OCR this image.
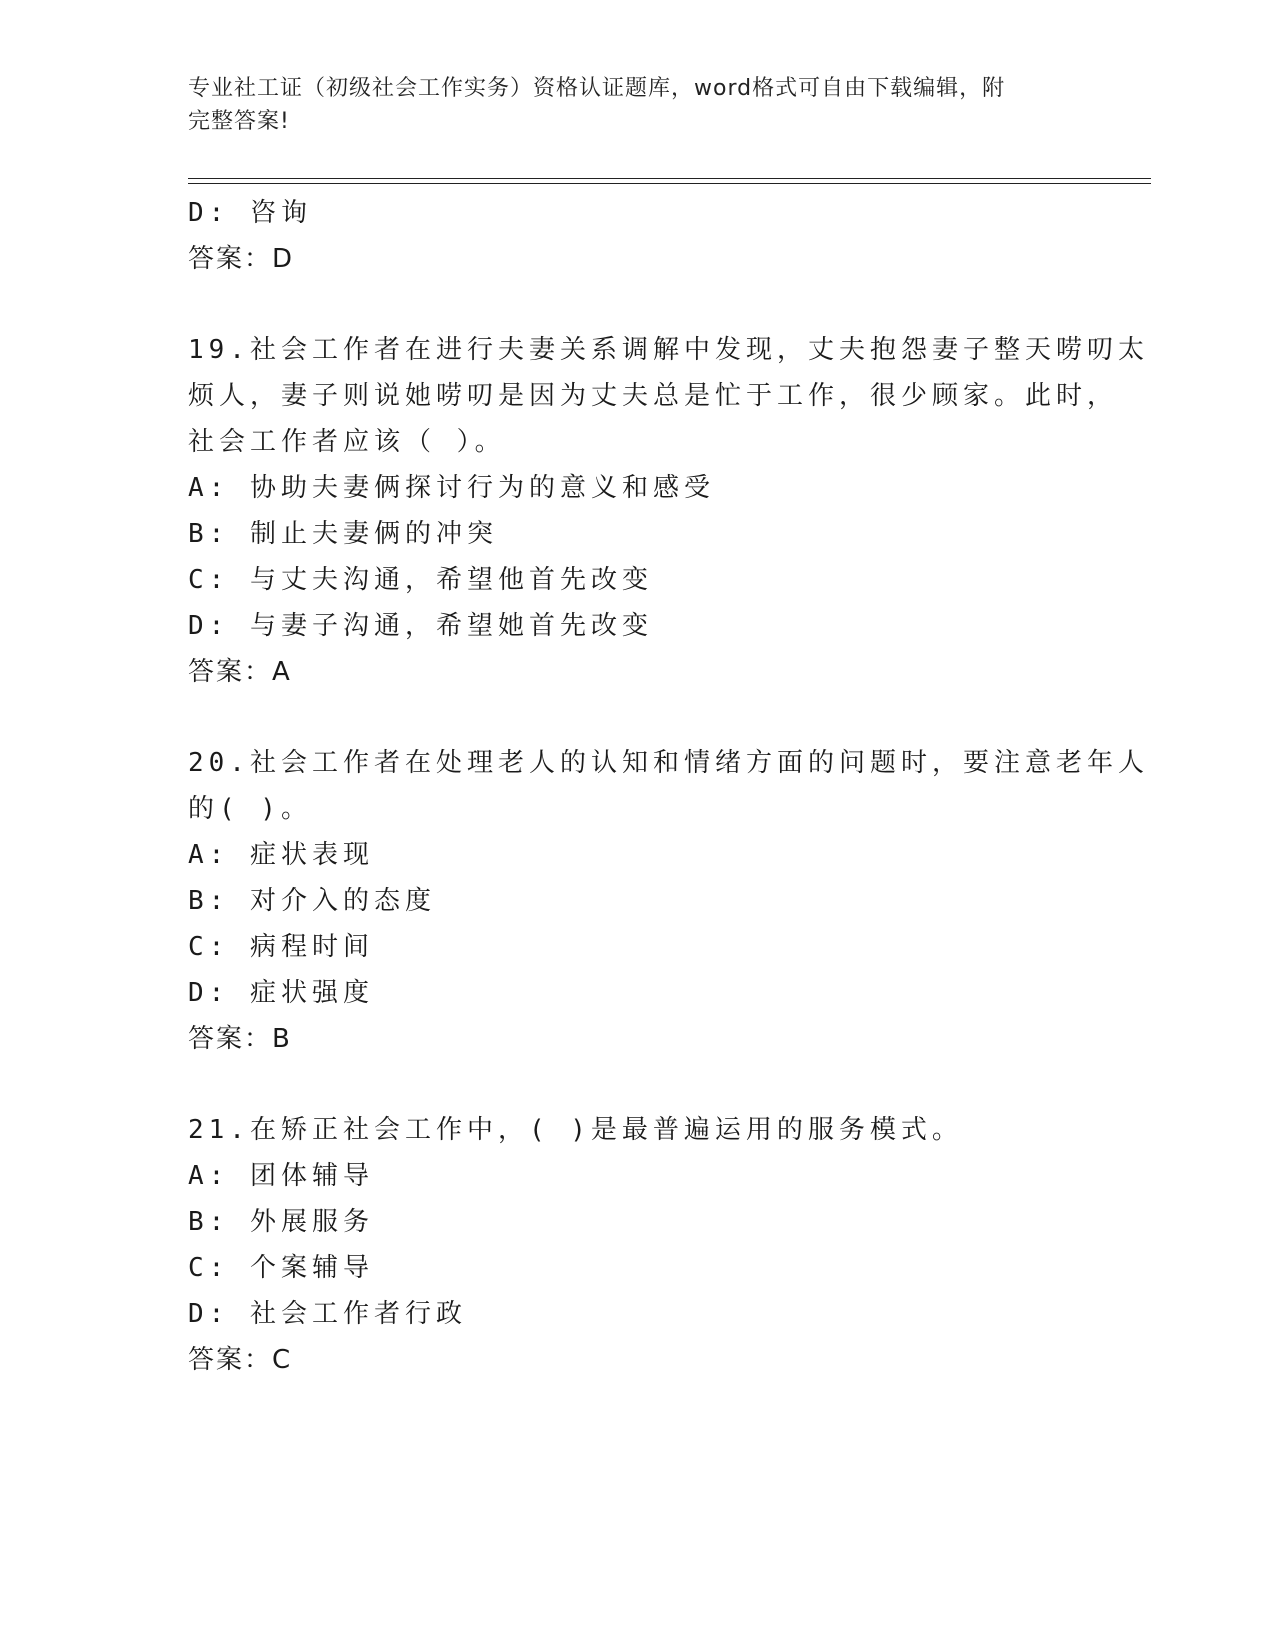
专业社工证（初级社会工作实务）资格认证题库，word格式可自由下载编辑，附
完整答案!
D: 咨询
答案：D
19.社会工作者在进行夫妻关系调解中发现，丈夫抱怨妻子整天唠叨太
烦人，妻子则说她唠叨是因为丈夫总是忙于工作，很少顾家。此时，
社会工作者应该（ ）。
A: 协助夫妻俩探讨行为的意义和感受
B: 制止夫妻俩的冲突
C: 与丈夫沟通，希望他首先改变
D: 与妻子沟通，希望她首先改变
答案：A
20.社会工作者在处理老人的认知和情绪方面的问题时，要注意老年人
的( )。
A: 症状表现
B: 对介入的态度
C: 病程时间
D: 症状强度
答案：B
21.在矫正社会工作中，( )是最普遍运用的服务模式。
A: 团体辅导
B: 外展服务
C: 个案辅导
D: 社会工作者行政
答案：C
